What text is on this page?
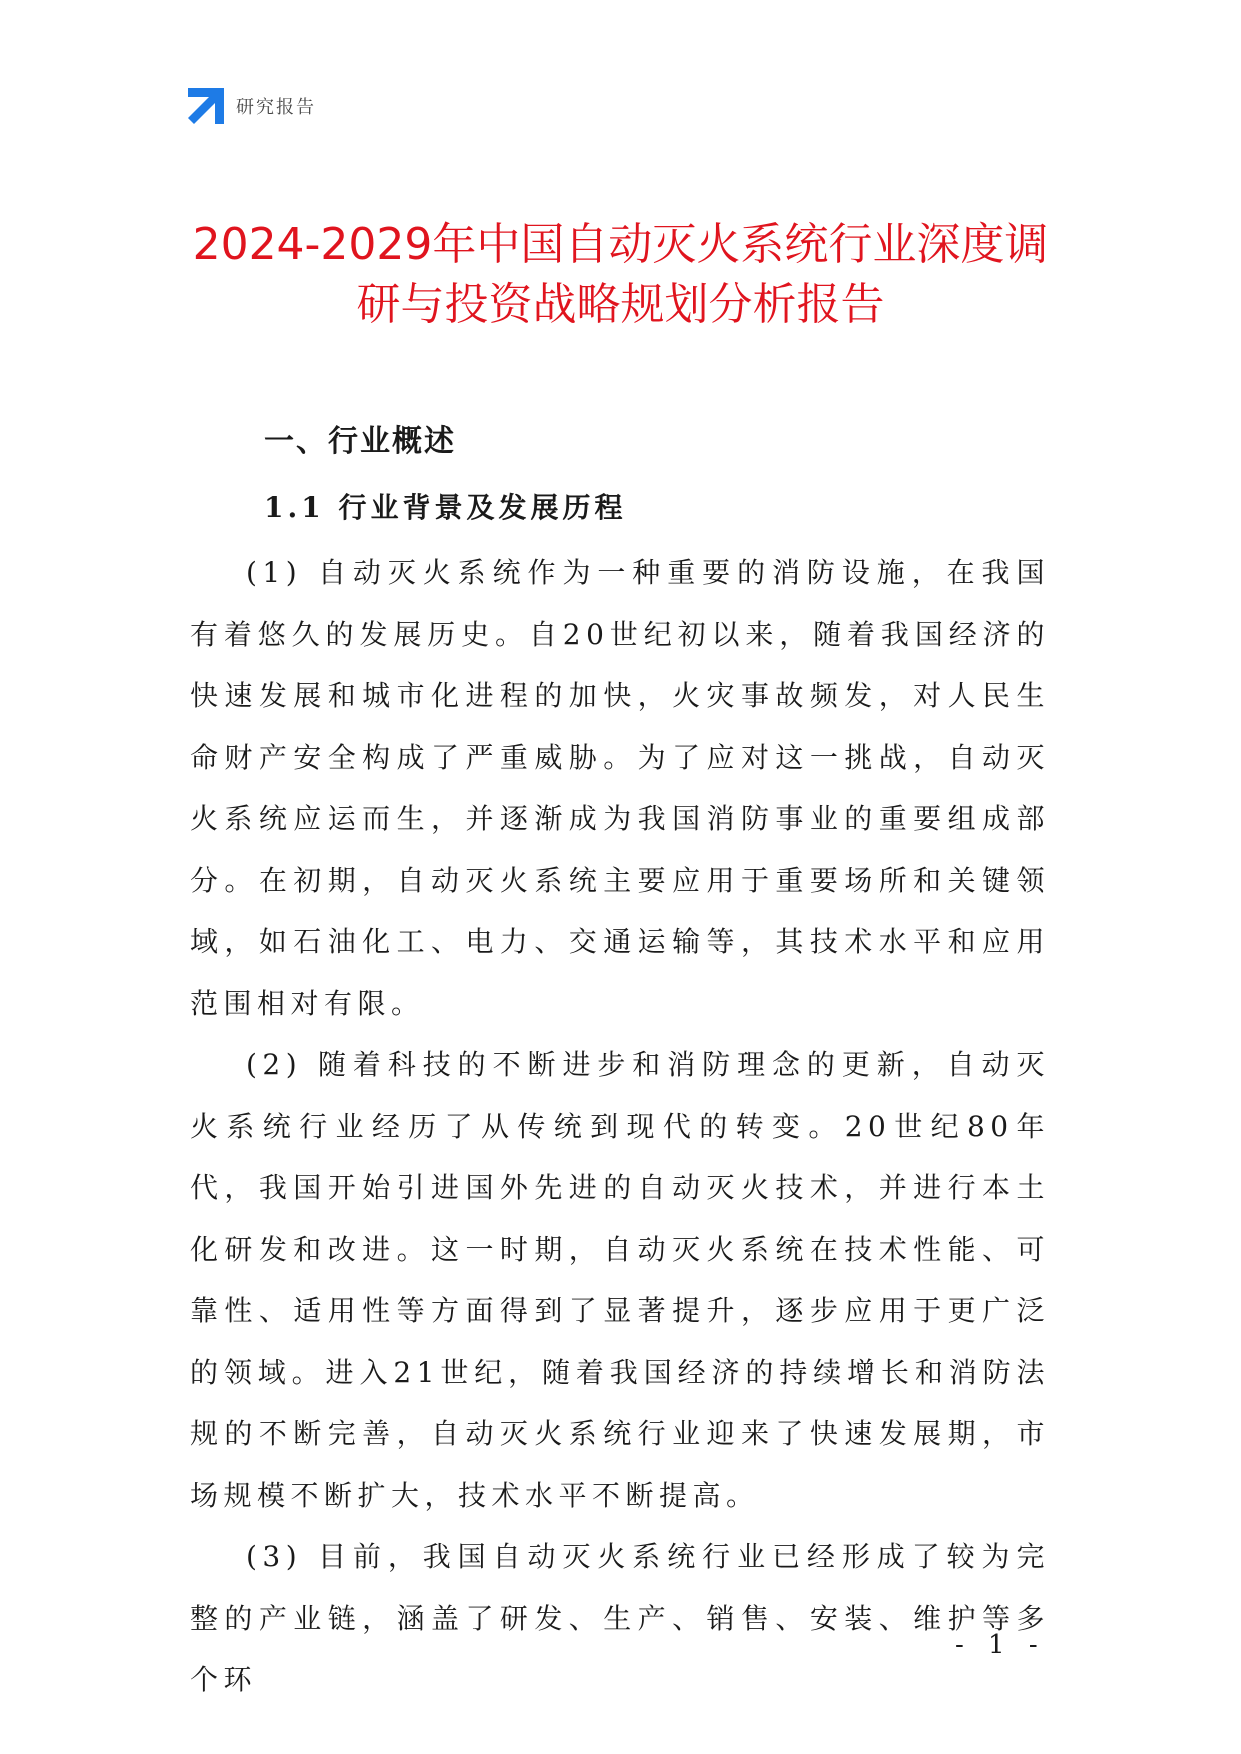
研究报告
2024-2029年中国自动灭火系统行业深度调
研与投资战略规划分析报告
一、行业概述
1.1 行业背景及发展历程

(1) 自动灭火系统作为一种重要的消防设施，在我国有着悠久的发展历史。自20世纪初以来，随着我国经济的快速发展和城市化进程的加快，火灾事故频发，对人民生命财产安全构成了严重威胁。为了应对这一挑战，自动灭火系统应运而生，并逐渐成为我国消防事业的重要组成部分。在初期，自动灭火系统主要应用于重要场所和关键领域，如石油化工、电力、交通运输等，其技术水平和应用范围相对有限。

(2) 随着科技的不断进步和消防理念的更新，自动灭火系统行业经历了从传统到现代的转变。20世纪80年代，我国开始引进国外先进的自动灭火技术，并进行本土化研发和改进。这一时期，自动灭火系统在技术性能、可靠性、适用性等方面得到了显著提升，逐步应用于更广泛的领域。进入21世纪，随着我国经济的持续增长和消防法规的不断完善，自动灭火系统行业迎来了快速发展期，市场规模不断扩大，技术水平不断提高。

(3) 目前，我国自动灭火系统行业已经形成了较为完整的产业链，涵盖了研发、生产、销售、安装、维护等多个环

- 1 -
